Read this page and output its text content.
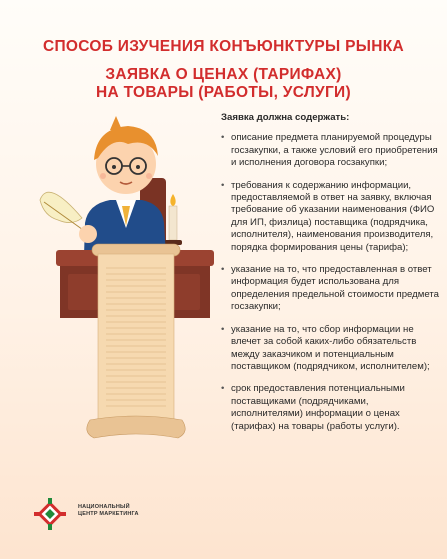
СПОСОБ ИЗУЧЕНИЯ КОНЪЮНКТУРЫ РЫНКА
ЗАЯВКА О ЦЕНАХ (ТАРИФАХ)
НА ТОВАРЫ (РАБОТЫ, УСЛУГИ)
Заявка должна содержать:
• описание предмета планируемой процедуры госзакупки, а также условий его приобретения и исполнения договора госзакупки;
• требования к содержанию информации, предоставляемой в ответ на заявку, включая требование об указании наименования (ФИО для ИП, физлица) поставщика (подрядчика, исполнителя), наименования производителя, порядка формирования цены (тарифа);
• указание на то, что предоставленная в ответ информация будет использована для определения предельной стоимости предмета госзакупки;
• указание на то, что сбор информации не влечет за собой каких-либо обязательств между заказчиком и потенциальным поставщиком (подрядчиком, исполнителем);
• срок предоставления потенциальными поставщиками (подрядчиками, исполнителями) информации о ценах (тарифах) на товары (работы услуги).
НАЦИОНАЛЬНЫЙ
ЦЕНТР МАРКЕТИНГА
